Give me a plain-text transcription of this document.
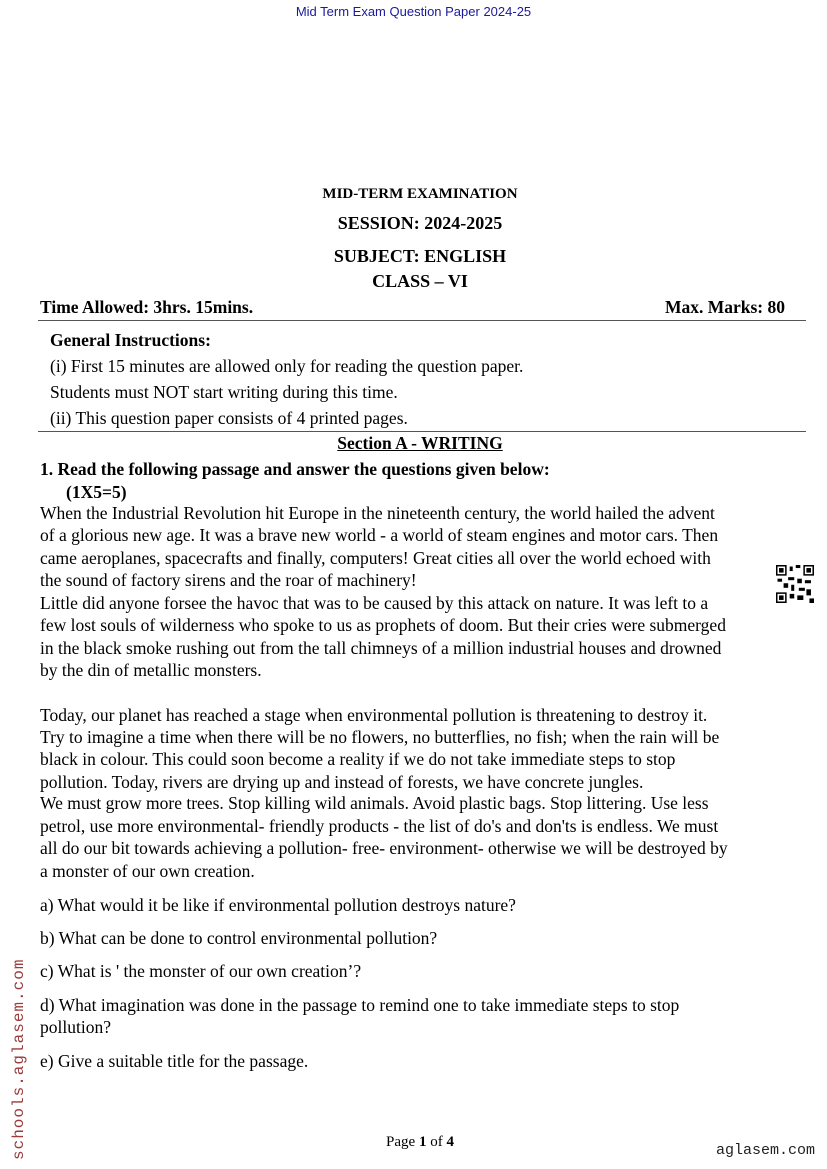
Mid Term Exam Question Paper 2024-25
MID-TERM EXAMINATION
SESSION: 2024-2025
SUBJECT: ENGLISH
CLASS – VI
Time Allowed: 3hrs. 15mins.	Max. Marks: 80
General Instructions:
(i) First 15 minutes are allowed only for reading the question paper.
Students must NOT start writing during this time.
(ii) This question paper consists of 4 printed pages.
Section A - WRITING
1. Read the following passage and answer the questions given below:
(1X5=5)
When the Industrial Revolution hit Europe in the nineteenth century, the world hailed the advent
of a glorious new age. It was a brave new world - a world of steam engines and motor cars. Then
came aeroplanes, spacecrafts and finally, computers! Great cities all over the world echoed with
the sound of factory sirens and the roar of machinery!
Little did anyone forsee the havoc that was to be caused by this attack on nature. It was left to a
few lost souls of wilderness who spoke to us as prophets of doom. But their cries were submerged
in the black smoke rushing out from the tall chimneys of a million industrial houses and drowned
by the din of metallic monsters.
Today, our planet has reached a stage when environmental pollution is threatening to destroy it.
Try to imagine a time when there will be no flowers, no butterflies, no fish; when the rain will be
black in colour. This could soon become a reality if we do not take immediate steps to stop
pollution. Today, rivers are drying up and instead of forests, we have concrete jungles.
We must grow more trees. Stop killing wild animals. Avoid plastic bags. Stop littering. Use less
petrol, use more environmental- friendly products - the list of do's and don'ts is endless. We must
all do our bit towards achieving a pollution- free- environment- otherwise we will be destroyed by
a monster of our own creation.
a) What would it be like if environmental pollution destroys nature?
b) What can be done to control environmental pollution?
c) What is ' the monster of our own creation’?
d) What imagination was done in the passage to remind one to take immediate steps to stop
pollution?
e) Give a suitable title for the passage.
Page 1 of 4
schools.aglasem.com	aglasem.com
